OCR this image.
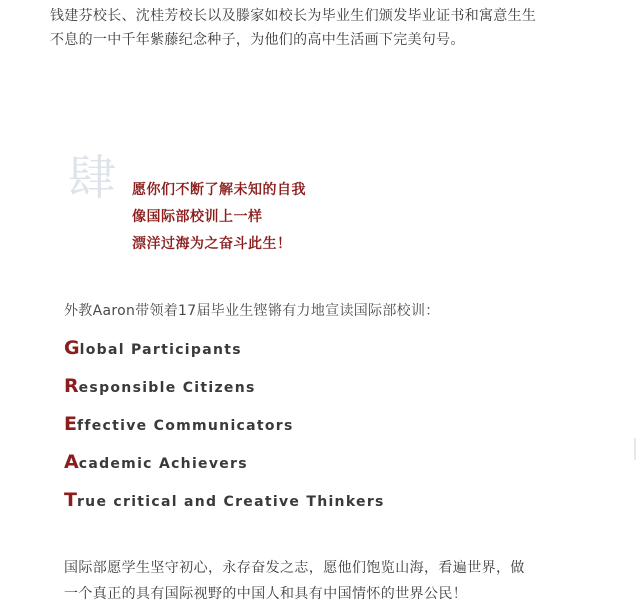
钱建芬校长、沈桂芳校长以及滕家如校长为毕业生们颁发毕业证书和寓意生生
不息的一中千年紫藤纪念种子，为他们的高中生活画下完美句号。
肆 愿你们不断了解未知的自我
像国际部校训上一样
漂洋过海为之奋斗此生！
外教Aaron带领着17届毕业生铿锵有力地宣读国际部校训：
Global Participants
Responsible Citizens
Effective Communicators
Academic Achievers
True critical and Creative Thinkers
国际部愿学生坚守初心，永存奋发之志，愿他们饱览山海，看遍世界，做
一个真正的具有国际视野的中国人和具有中国情怀的世界公民！
